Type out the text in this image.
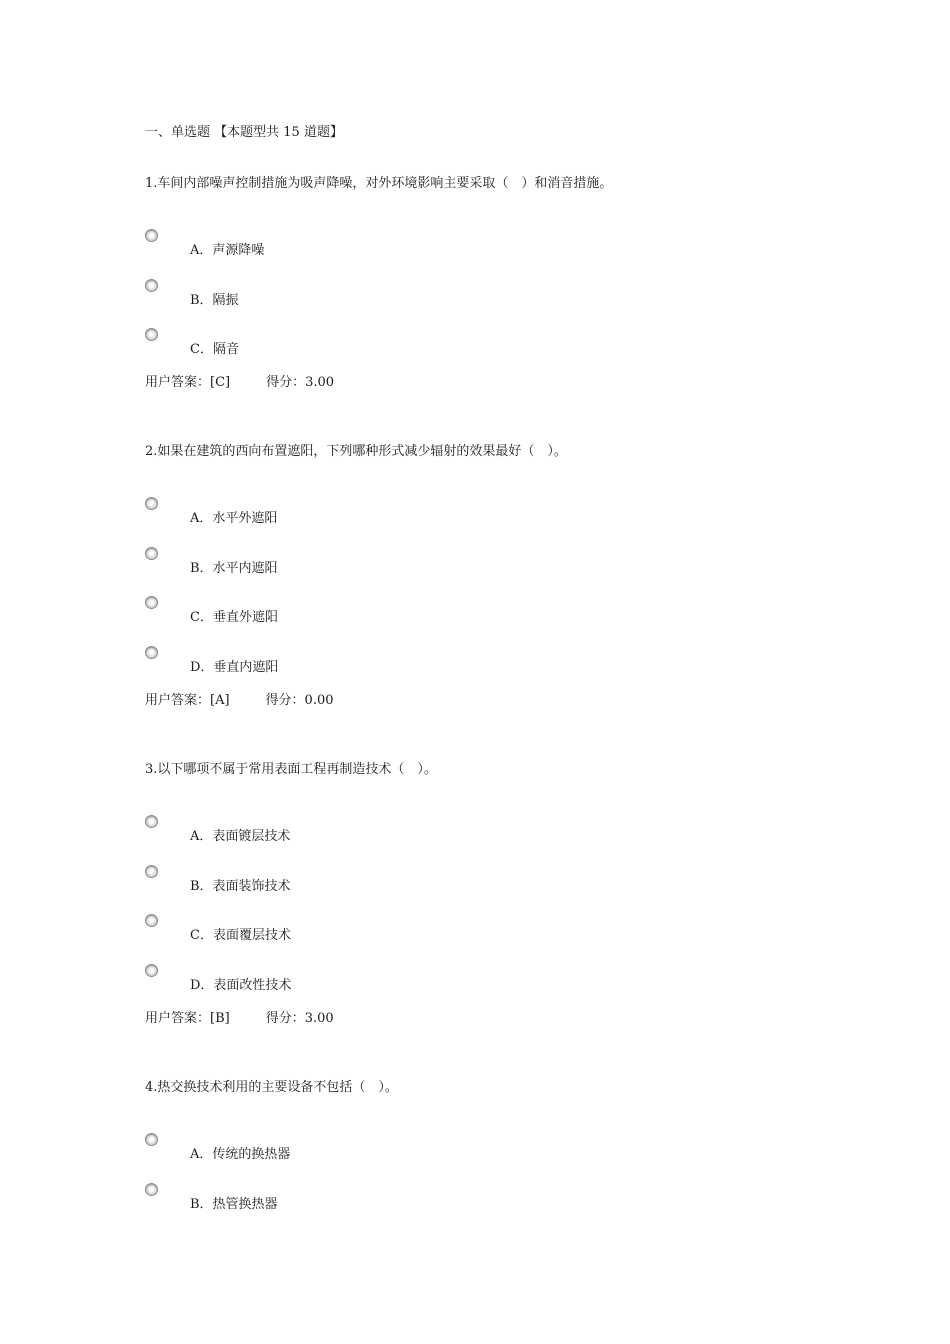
一、单选题 【本题型共 15 道题】
1.车间内部噪声控制措施为吸声降噪，对外环境影响主要采取（　）和消音措施。
A．声源降噪
B．隔振
C．隔音
用户答案：[C]	得分：3.00
2.如果在建筑的西向布置遮阳，下列哪种形式减少辐射的效果最好（　）。
A．水平外遮阳
B．水平内遮阳
C．垂直外遮阳
D．垂直内遮阳
用户答案：[A]	得分：0.00
3.以下哪项不属于常用表面工程再制造技术（　）。
A．表面镀层技术
B．表面装饰技术
C．表面覆层技术
D．表面改性技术
用户答案：[B]	得分：3.00
4.热交换技术利用的主要设备不包括（　）。
A．传统的换热器
B．热管换热器
